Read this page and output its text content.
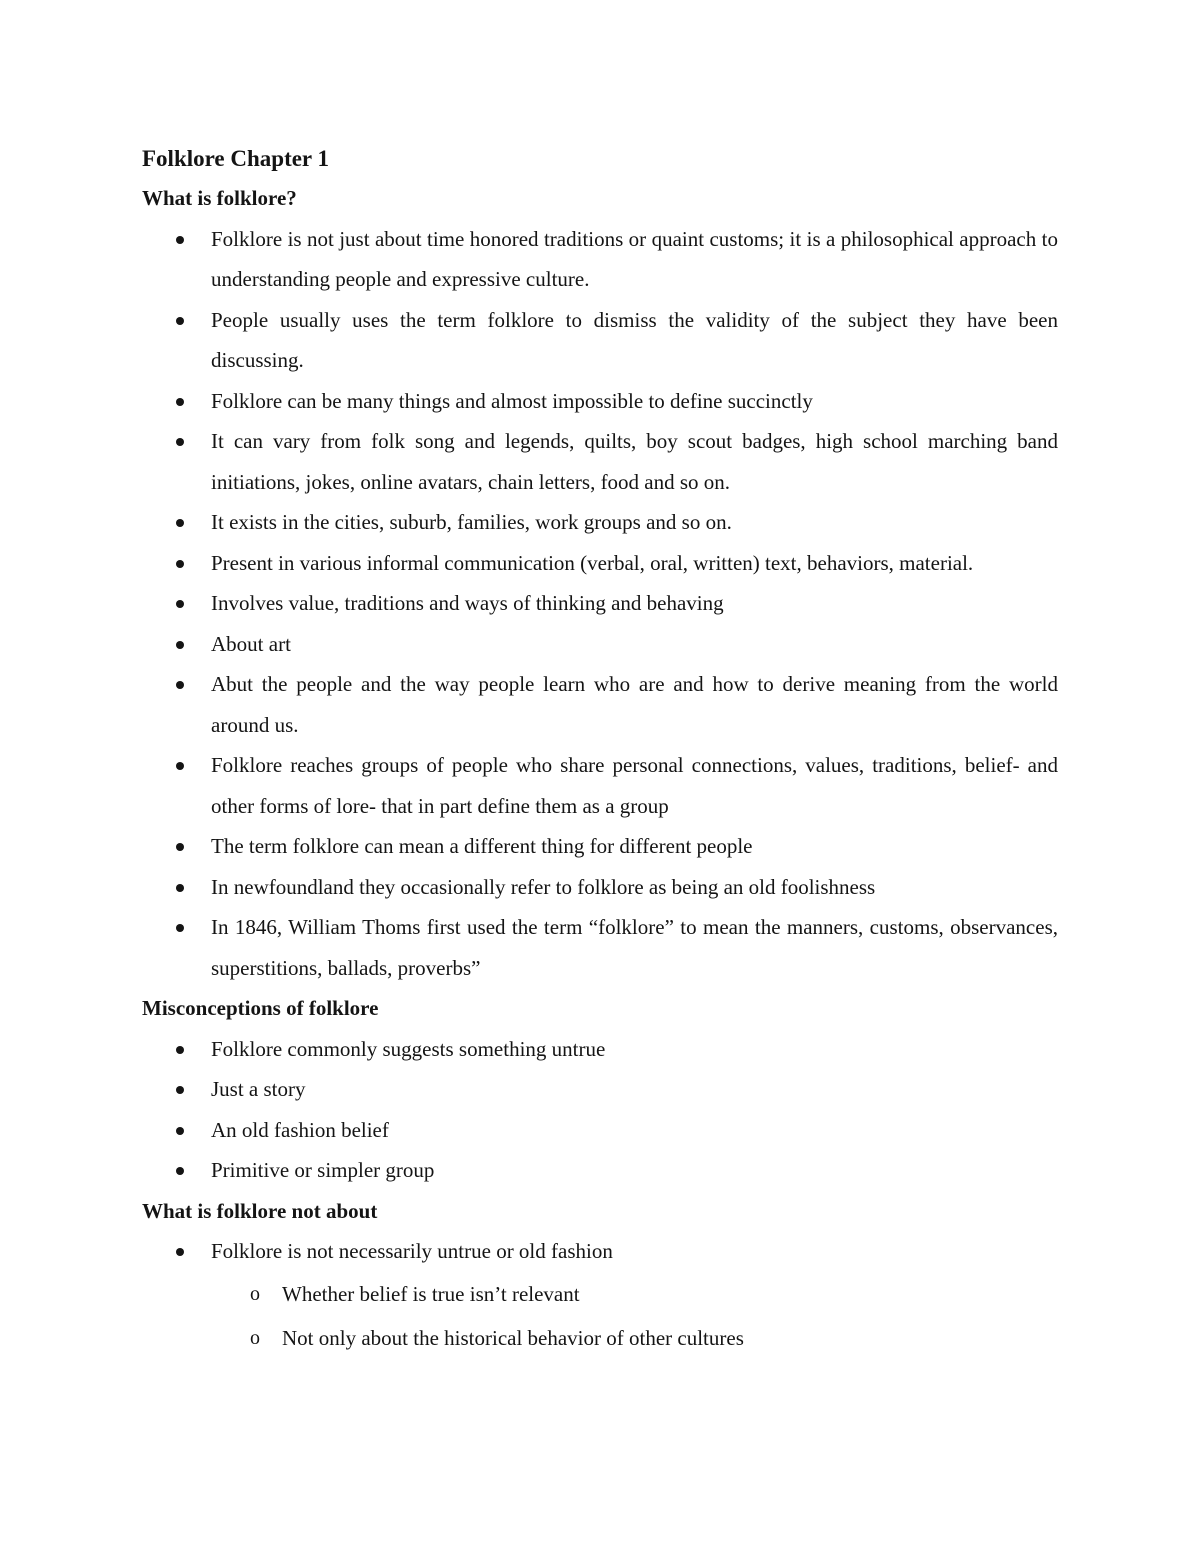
Folklore Chapter 1
What is folklore?
Folklore is not just about time honored traditions or quaint customs; it is a philosophical approach to understanding people and expressive culture.
People usually uses the term folklore to dismiss the validity of the subject they have been discussing.
Folklore can be many things and almost impossible to define succinctly
It can vary from folk song and legends, quilts, boy scout badges, high school marching band initiations, jokes, online avatars, chain letters, food and so on.
It exists in the cities, suburb, families, work groups and so on.
Present in various informal communication (verbal, oral, written) text, behaviors, material.
Involves value, traditions and ways of thinking and behaving
About art
Abut the people and the way people learn who are and how to derive meaning from the world around us.
Folklore reaches groups of people who share personal connections, values, traditions, belief- and other forms of lore- that in part define them as a group
The term folklore can mean a different thing for different people
In newfoundland they occasionally refer to folklore as being an old foolishness
In 1846, William Thoms first used the term “folklore” to mean the manners, customs, observances, superstitions, ballads, proverbs”
Misconceptions of folklore
Folklore commonly suggests something untrue
Just a story
An old fashion belief
Primitive or simpler group
What is folklore not about
Folklore is not necessarily untrue or old fashion
o Whether belief is true isn’t relevant
o Not only about the historical behavior of other cultures
